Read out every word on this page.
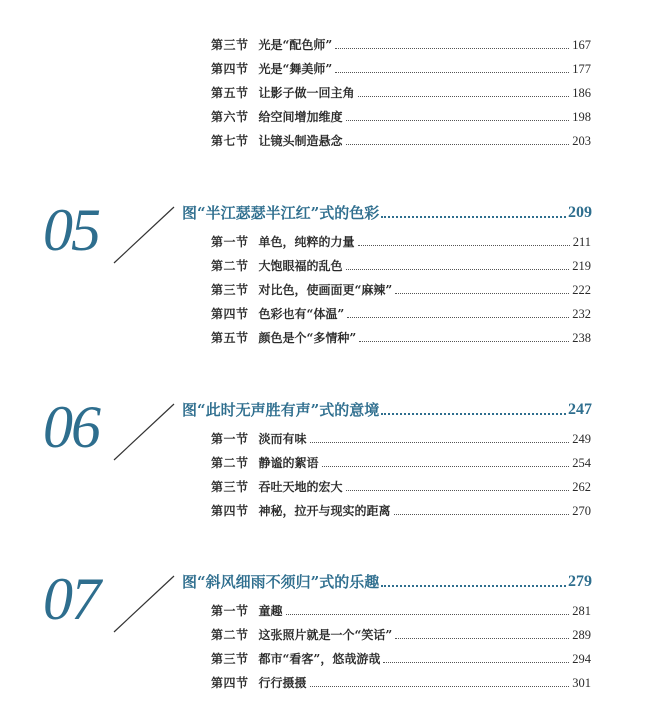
第三节 光是“配色师”	167
第四节 光是“舞美师”	177
第五节 让影子做一回主角	186
第六节 给空间增加维度	198
第七节 让镜头制造悬念	203
05	图“半江瑟瑟半江红”式的色彩	209
第一节 单色，纯粹的力量	211
第二节 大饱眼福的乱色	219
第三节 对比色，使画面更“麻辣”	222
第四节 色彩也有“体温”	232
第五节 颜色是个“多情种”	238
06	图“此时无声胜有声”式的意境	247
第一节 淡而有味	249
第二节 静谧的絮语	254
第三节 吞吐天地的宏大	262
第四节 神秘，拉开与现实的距离	270
07	图“斜风细雨不须归”式的乐趣	279
第一节 童趣	281
第二节 这张照片就是一个“笑话”	289
第三节 都市“看客”，悠哉游哉	294
第四节 行行摄摄	301
